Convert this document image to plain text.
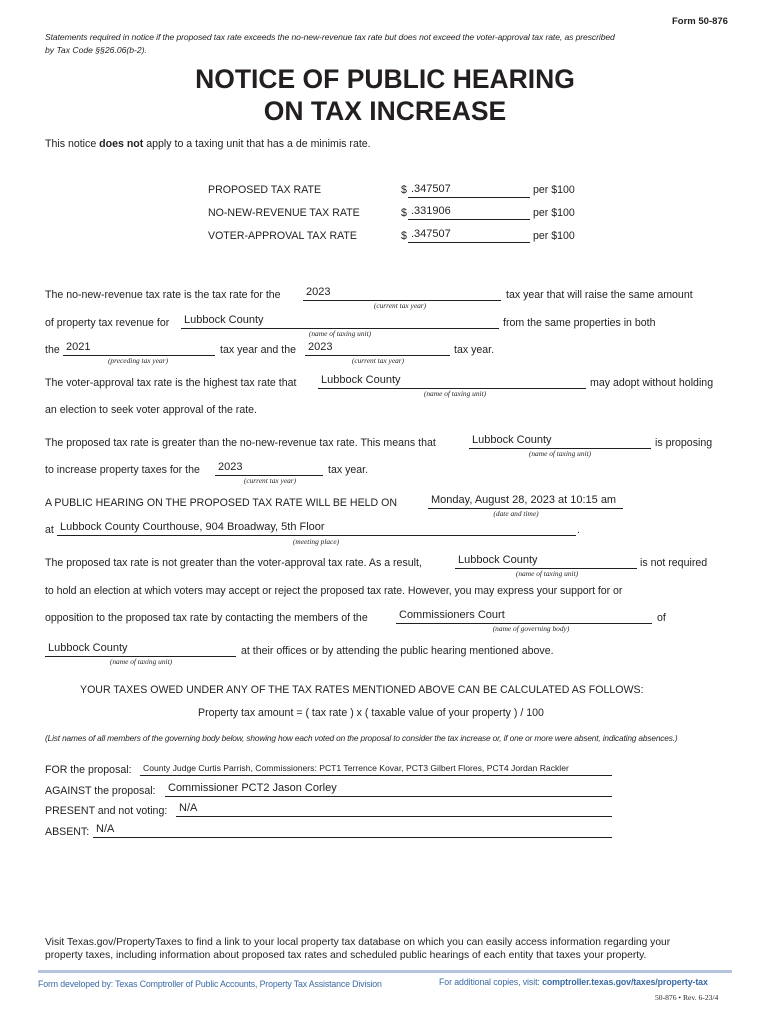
Form 50-876
Statements required in notice if the proposed tax rate exceeds the no-new-revenue tax rate but does not exceed the voter-approval tax rate, as prescribed
by Tax Code §§26.06(b-2).
NOTICE OF PUBLIC HEARING
ON TAX INCREASE
This notice does not apply to a taxing unit that has a de minimis rate.
PROPOSED TAX RATE	$ .347507	per $100
NO-NEW-REVENUE TAX RATE	$ .331906	per $100
VOTER-APPROVAL TAX RATE	$ .347507	per $100
The no-new-revenue tax rate is the tax rate for the 2023	tax year that will raise the same amount
(current tax year)
of property tax revenue for Lubbock County	from the same properties in both
(name of taxing unit)
the 2021	tax year and the 2023	tax year.
(preceding tax year)	(current tax year)
The voter-approval tax rate is the highest tax rate that Lubbock County	may adopt without holding
(name of taxing unit)
an election to seek voter approval of the rate.
The proposed tax rate is greater than the no-new-revenue tax rate. This means that	Lubbock County	is proposing
(name of taxing unit)
to increase property taxes for the 2023	tax year.
(current tax year)
A PUBLIC HEARING ON THE PROPOSED TAX RATE WILL BE HELD ON	Monday, August 28, 2023 at 10:15 am
(date and time)
at Lubbock County Courthouse, 904 Broadway, 5th Floor	.
(meeting place)
The proposed tax rate is not greater than the voter-approval tax rate. As a result,	Lubbock County	is not required
(name of taxing unit)
to hold an election at which voters may accept or reject the proposed tax rate. However, you may express your support for or
opposition to the proposed tax rate by contacting the members of the	Commissioners Court	of
(name of governing body)
Lubbock County	at their offices or by attending the public hearing mentioned above.
(name of taxing unit)
YOUR TAXES OWED UNDER ANY OF THE TAX RATES MENTIONED ABOVE CAN BE CALCULATED AS FOLLOWS:
Property tax amount = ( tax rate ) x ( taxable value of your property ) / 100
(List names of all members of the governing body below, showing how each voted on the proposal to consider the tax increase or, if one or more were absent, indicating absences.)
FOR the proposal: County Judge Curtis Parrish, Commissioners: PCT1 Terrence Kovar, PCT3 Gilbert Flores, PCT4 Jordan Rackler
AGAINST the proposal: Commissioner PCT2 Jason Corley
PRESENT and not voting: N/A
ABSENT: N/A
Visit Texas.gov/PropertyTaxes to find a link to your local property tax database on which you can easily access information regarding your
property taxes, including information about proposed tax rates and scheduled public hearings of each entity that taxes your property.
Form developed by: Texas Comptroller of Public Accounts, Property Tax Assistance Division	For additional copies, visit: comptroller.texas.gov/taxes/property-tax
50-876 • Rev. 6-23/4
